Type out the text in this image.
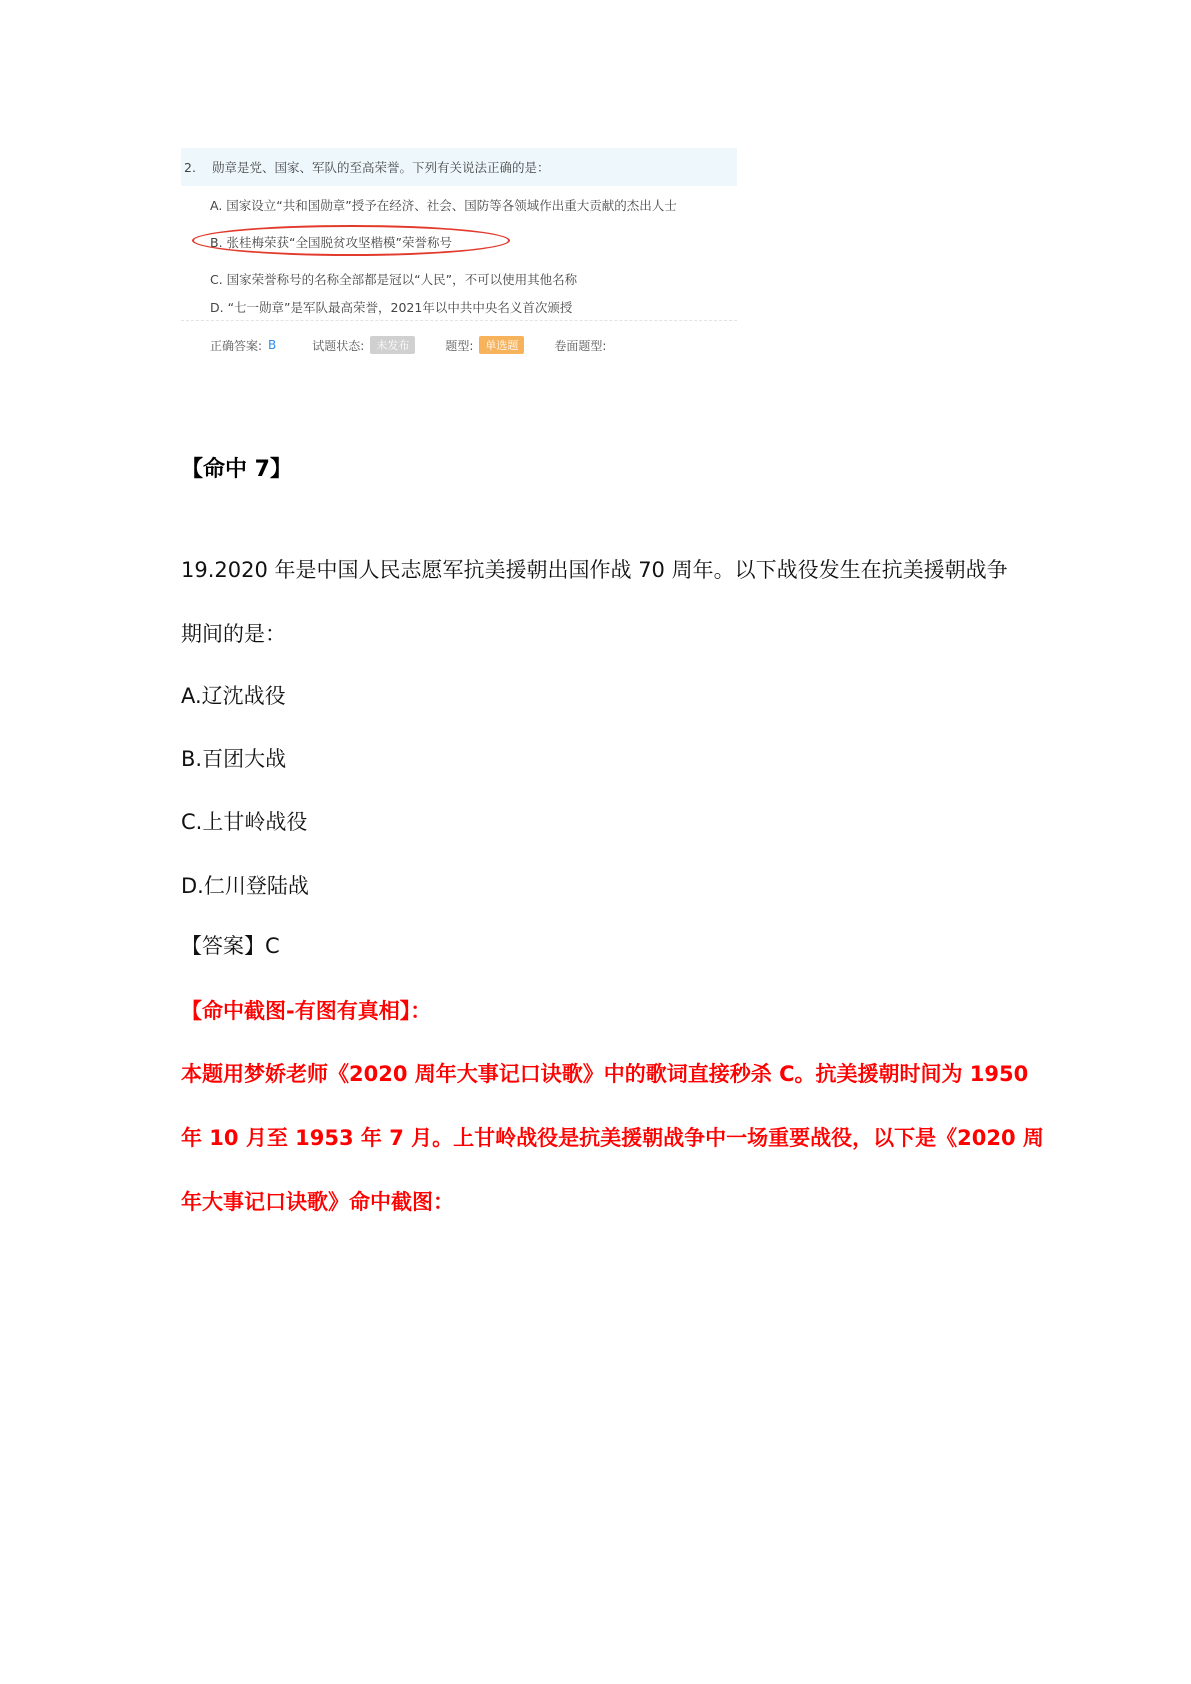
2.	勋章是党、国家、军队的至高荣誉。下列有关说法正确的是：
A. 国家设立“共和国勋章”授予在经济、社会、国防等各领域作出重大贡献的杰出人士
B. 张桂梅荣获“全国脱贫攻坚楷模”荣誉称号
C. 国家荣誉称号的名称全部都是冠以“人民”，不可以使用其他名称
D. “七一勋章”是军队最高荣誉，2021年以中共中央名义首次颁授
正确答案: B	试题状态:	未发布	题型:	单选题	卷面题型:
【命中 7】
19.2020 年是中国人民志愿军抗美援朝出国作战 70 周年。以下战役发生在抗美援朝战争
期间的是：
A.辽沈战役
B.百团大战
C.上甘岭战役
D.仁川登陆战
【答案】C
【命中截图-有图有真相】：
本题用梦娇老师《2020 周年大事记口诀歌》中的歌词直接秒杀 C。抗美援朝时间为 1950
年 10 月至 1953 年 7 月。上甘岭战役是抗美援朝战争中一场重要战役，以下是《2020 周
年大事记口诀歌》命中截图：
